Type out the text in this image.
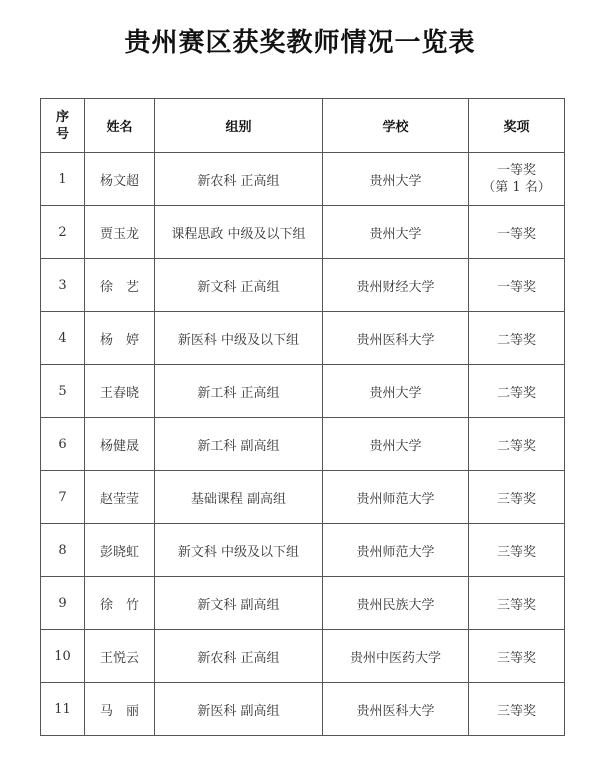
贵州赛区获奖教师情况一览表
序
号	姓名	组别	学校	奖项
1	杨文超	新农科 正高组	贵州大学	一等奖
（第 1 名）

2	贾玉龙	课程思政 中级及以下组	贵州大学	一等奖
3	徐　艺	新文科 正高组	贵州财经大学	一等奖
4	杨　婷	新医科 中级及以下组	贵州医科大学	二等奖
5	王春晓	新工科 正高组	贵州大学	二等奖
6	杨健晟	新工科 副高组	贵州大学	二等奖
7	赵莹莹	基础课程 副高组	贵州师范大学	三等奖
8	彭晓虹	新文科 中级及以下组	贵州师范大学	三等奖
9	徐　竹	新文科 副高组	贵州民族大学	三等奖
10	王悦云	新农科 正高组	贵州中医药大学	三等奖
11	马　丽	新医科 副高组	贵州医科大学	三等奖
